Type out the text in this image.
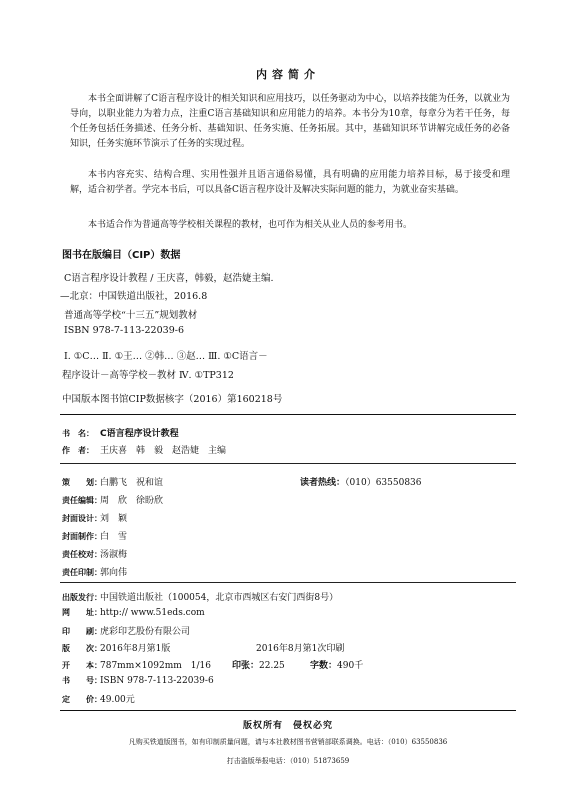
内容简介

本书全面讲解了C语言程序设计的相关知识和应用技巧，以任务驱动为中心，以培养技能为任务，以就业为导向，以职业能力为着力点，注重C语言基础知识和应用能力的培养。本书分为10章，每章分为若干任务，每个任务包括任务描述、任务分析、基础知识、任务实施、任务拓展。其中，基础知识环节讲解完成任务的必备知识，任务实施环节演示了任务的实现过程。

本书内容充实、结构合理、实用性强并且语言通俗易懂，具有明确的应用能力培养目标，易于接受和理解，适合初学者。学完本书后，可以具备C语言程序设计及解决实际问题的能力，为就业奋实基础。

本书适合作为普通高等学校相关课程的教材，也可作为相关从业人员的参考用书。

图书在版编目（CIP）数据
C语言程序设计教程 / 王庆喜，韩毅，赵浩婕主编.
—北京：中国铁道出版社，2016.8
普通高等学校“十三五”规划教材
ISBN 978-7-113-22039-6
Ⅰ. ①C… Ⅱ. ①王… ②韩… ③赵… Ⅲ. ①C语言－
程序设计－高等学校－教材 Ⅳ. ①TP312
中国版本图书馆CIP数据核字（2016）第160218号
书　名： C语言程序设计教程
作　者： 王庆喜　韩　毅　赵浩婕　主编
策　　划：白鹏飞　祝和谊	读者热线：（010）63550836
责任编辑：周　欣　徐盼欣
封面设计：刘　颖
封面制作：白　雪
责任校对：汤淑梅
责任印制：郭向伟
出版发行：中国铁道出版社（100054，北京市西城区右安门西街8号）
网　　址：http:// www.51eds.com
印　　刷：虎彩印艺股份有限公司
版　　次：2016年8月第1版	2016年8月第1次印刷
开　　本：787mm×1092mm　1/16 印张：22.25	字数：490千
书　　号：ISBN 978-7-113-22039-6
定　　价：49.00元
版权所有　侵权必究
凡购买铁道版图书，如有印制质量问题，请与本社教材图书营销部联系调换。电话：（010）63550836
打击盗版举报电话：（010）51873659
